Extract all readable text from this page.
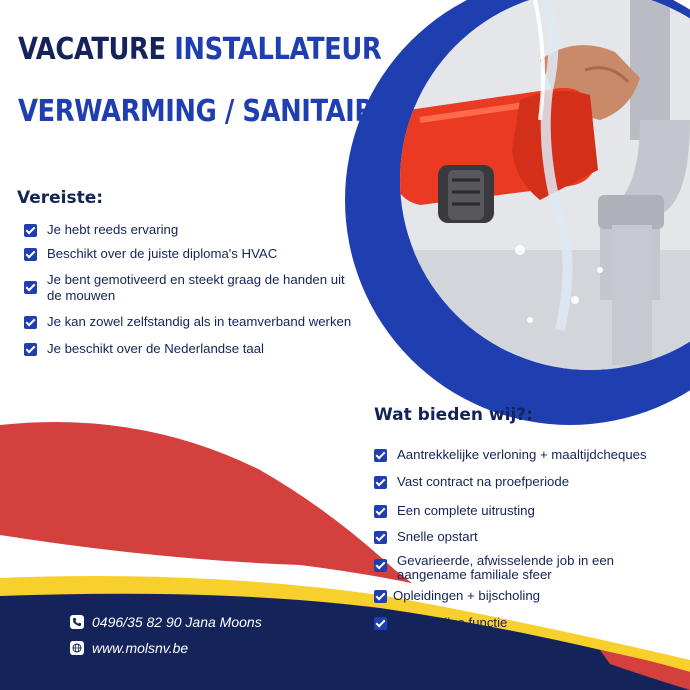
VACATURE INSTALLATEUR
VERWARMING / SANITAIR
Vereiste:
Je hebt reeds ervaring
Beschikt over de juiste diploma's HVAC
Je bent gemotiveerd en steekt graag de handen uit de mouwen
Je kan zowel zelfstandig als in teamverband werken
Je beschikt over de Nederlandse taal
Wat bieden wij?:
Aantrekkelijke verloning + maaltijdcheques
Vast contract na proefperiode
Een complete uitrusting
Snelle opstart
Gevarieerde, afwisselende job in een aangename familiale sfeer
Opleidingen + bijscholing
Zelfstandige functie
0496/35 82 90 Jana Moons
www.molsnv.be
